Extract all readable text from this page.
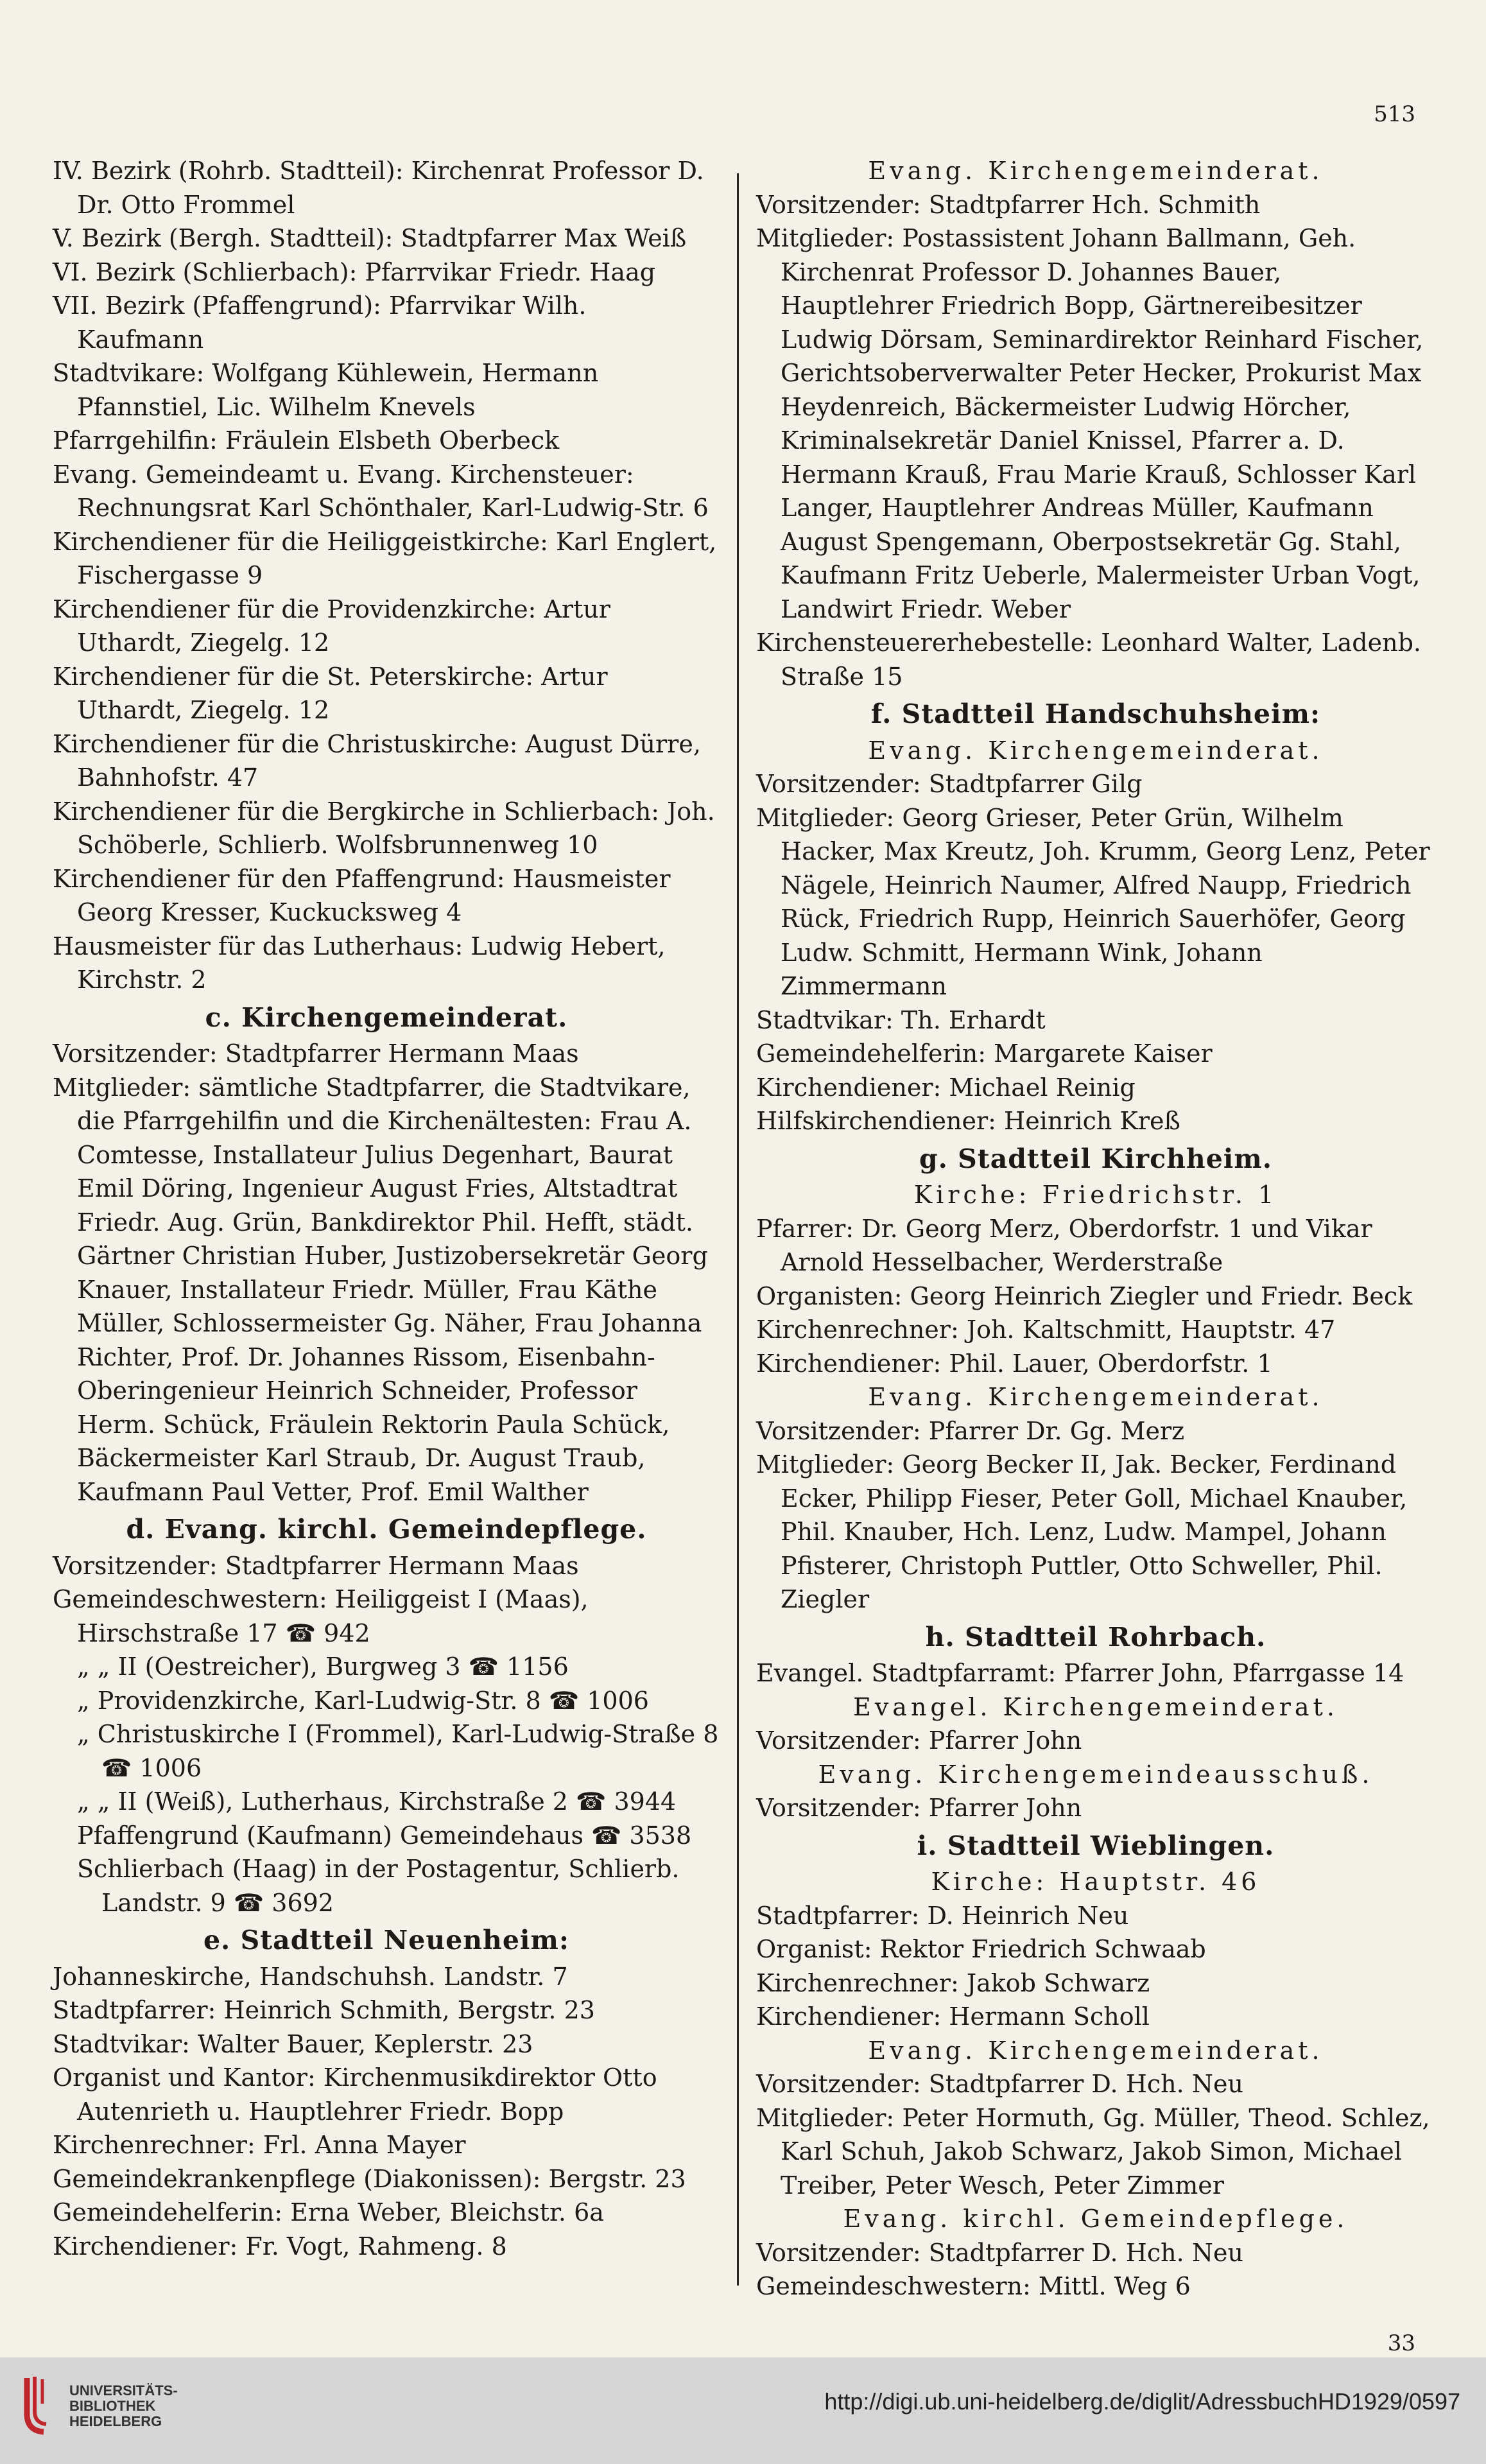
513
IV. Bezirk (Rohrb. Stadtteil): Kirchenrat Professor D. Dr. Otto Frommel
V. Bezirk (Bergh. Stadtteil): Stadtpfarrer Max Weiß
VI. Bezirk (Schlierbach): Pfarrvikar Friedr. Haag
VII. Bezirk (Pfaffengrund): Pfarrvikar Wilh. Kaufmann
Stadtvikare: Wolfgang Kühlewein, Hermann Pfannstiel, Lic. Wilhelm Knevels
Pfarrgehilfin: Fräulein Elsbeth Oberbeck
Evang. Gemeindeamt u. Evang. Kirchensteuer: Rechnungsrat Karl Schönthaler, Karl-Ludwig-Str. 6
Kirchendiener für die Heiliggeistkirche: Karl Englert, Fischergasse 9
Kirchendiener für die Providenzkirche: Artur Uthardt, Ziegelg. 12
Kirchendiener für die St. Peterskirche: Artur Uthardt, Ziegelg. 12
Kirchendiener für die Christuskirche: August Dürre, Bahnhofstr. 47
Kirchendiener für die Bergkirche in Schlierbach: Joh. Schöberle, Schlierb. Wolfsbrunnenweg 10
Kirchendiener für den Pfaffengrund: Hausmeister Georg Kresser, Kuckucksweg 4
Hausmeister für das Lutherhaus: Ludwig Hebert, Kirchstr. 2
c. Kirchengemeinderat.
Vorsitzender: Stadtpfarrer Hermann Maas
Mitglieder: sämtliche Stadtpfarrer, die Stadtvikare, die Pfarrgehilfin und die Kirchenältesten: Frau A. Comtesse, Installateur Julius Degenhart, Baurat Emil Döring, Ingenieur August Fries, Altstadtrat Friedr. Aug. Grün, Bankdirektor Phil. Hefft, städt. Gärtner Christian Huber, Justizobersekretär Georg Knauer, Installateur Friedr. Müller, Frau Käthe Müller, Schlossermeister Gg. Näher, Frau Johanna Richter, Prof. Dr. Johannes Rissom, Eisenbahn-Oberingenieur Heinrich Schneider, Professor Herm. Schück, Fräulein Rektorin Paula Schück, Bäckermeister Karl Straub, Dr. August Traub, Kaufmann Paul Vetter, Prof. Emil Walther
d. Evang. kirchl. Gemeindepflege.
Vorsitzender: Stadtpfarrer Hermann Maas
Gemeindeschwestern: Heiliggeist I (Maas), Hirschstraße 17 ☎ 942
„ „ II (Oestreicher), Burgweg 3 ☎ 1156
„ Providenzkirche, Karl-Ludwig-Str. 8 ☎ 1006
„ Christuskirche I (Frommel), Karl-Ludwig-Straße 8 ☎ 1006
„ „ II (Weiß), Lutherhaus, Kirchstraße 2 ☎ 3944
Pfaffengrund (Kaufmann) Gemeindehaus ☎ 3538
Schlierbach (Haag) in der Postagentur, Schlierb. Landstr. 9 ☎ 3692
e. Stadtteil Neuenheim:
Johanneskirche, Handschuhsh. Landstr. 7
Stadtpfarrer: Heinrich Schmith, Bergstr. 23
Stadtvikar: Walter Bauer, Keplerstr. 23
Organist und Kantor: Kirchenmusikdirektor Otto Autenrieth u. Hauptlehrer Friedr. Bopp
Kirchenrechner: Frl. Anna Mayer
Gemeindekrankenpflege (Diakonissen): Bergstr. 23
Gemeindehelferin: Erna Weber, Bleichstr. 6a
Kirchendiener: Fr. Vogt, Rahmeng. 8
Evang. Kirchengemeinderat.
Vorsitzender: Stadtpfarrer Hch. Schmith
Mitglieder: Postassistent Johann Ballmann, Geh. Kirchenrat Professor D. Johannes Bauer, Hauptlehrer Friedrich Bopp, Gärtnereibesitzer Ludwig Dörsam, Seminardirektor Reinhard Fischer, Gerichtsoberverwalter Peter Hecker, Prokurist Max Heydenreich, Bäckermeister Ludwig Hörcher, Kriminalsekretär Daniel Knissel, Pfarrer a. D. Hermann Krauß, Frau Marie Krauß, Schlosser Karl Langer, Hauptlehrer Andreas Müller, Kaufmann August Spengemann, Oberpostsekretär Gg. Stahl, Kaufmann Fritz Ueberle, Malermeister Urban Vogt, Landwirt Friedr. Weber
Kirchensteuererhebestelle: Leonhard Walter, Ladenb. Straße 15
f. Stadtteil Handschuhsheim:
Evang. Kirchengemeinderat.
Vorsitzender: Stadtpfarrer Gilg
Mitglieder: Georg Grieser, Peter Grün, Wilhelm Hacker, Max Kreutz, Joh. Krumm, Georg Lenz, Peter Nägele, Heinrich Naumer, Alfred Naupp, Friedrich Rück, Friedrich Rupp, Heinrich Sauerhöfer, Georg Ludw. Schmitt, Hermann Wink, Johann Zimmermann
Stadtvikar: Th. Erhardt
Gemeindehelferin: Margarete Kaiser
Kirchendiener: Michael Reinig
Hilfskirchendiener: Heinrich Kreß
g. Stadtteil Kirchheim.
Kirche: Friedrichstr. 1
Pfarrer: Dr. Georg Merz, Oberdorfstr. 1 und Vikar Arnold Hesselbacher, Werderstraße
Organisten: Georg Heinrich Ziegler und Friedr. Beck
Kirchenrechner: Joh. Kaltschmitt, Hauptstr. 47
Kirchendiener: Phil. Lauer, Oberdorfstr. 1
Evang. Kirchengemeinderat.
Vorsitzender: Pfarrer Dr. Gg. Merz
Mitglieder: Georg Becker II, Jak. Becker, Ferdinand Ecker, Philipp Fieser, Peter Goll, Michael Knauber, Phil. Knauber, Hch. Lenz, Ludw. Mampel, Johann Pfisterer, Christoph Puttler, Otto Schweller, Phil. Ziegler
h. Stadtteil Rohrbach.
Evangel. Stadtpfarramt: Pfarrer John, Pfarrgasse 14
Evangel. Kirchengemeinderat.
Vorsitzender: Pfarrer John
Evang. Kirchengemeindeausschuß.
Vorsitzender: Pfarrer John
i. Stadtteil Wieblingen.
Kirche: Hauptstr. 46
Stadtpfarrer: D. Heinrich Neu
Organist: Rektor Friedrich Schwaab
Kirchenrechner: Jakob Schwarz
Kirchendiener: Hermann Scholl
Evang. Kirchengemeinderat.
Vorsitzender: Stadtpfarrer D. Hch. Neu
Mitglieder: Peter Hormuth, Gg. Müller, Theod. Schlez, Karl Schuh, Jakob Schwarz, Jakob Simon, Michael Treiber, Peter Wesch, Peter Zimmer
Evang. kirchl. Gemeindepflege.
Vorsitzender: Stadtpfarrer D. Hch. Neu
Gemeindeschwestern: Mittl. Weg 6
33
UNIVERSITÄTS-
BIBLIOTHEK
HEIDELBERG
http://digi.ub.uni-heidelberg.de/diglit/AdressbuchHD1929/0597
